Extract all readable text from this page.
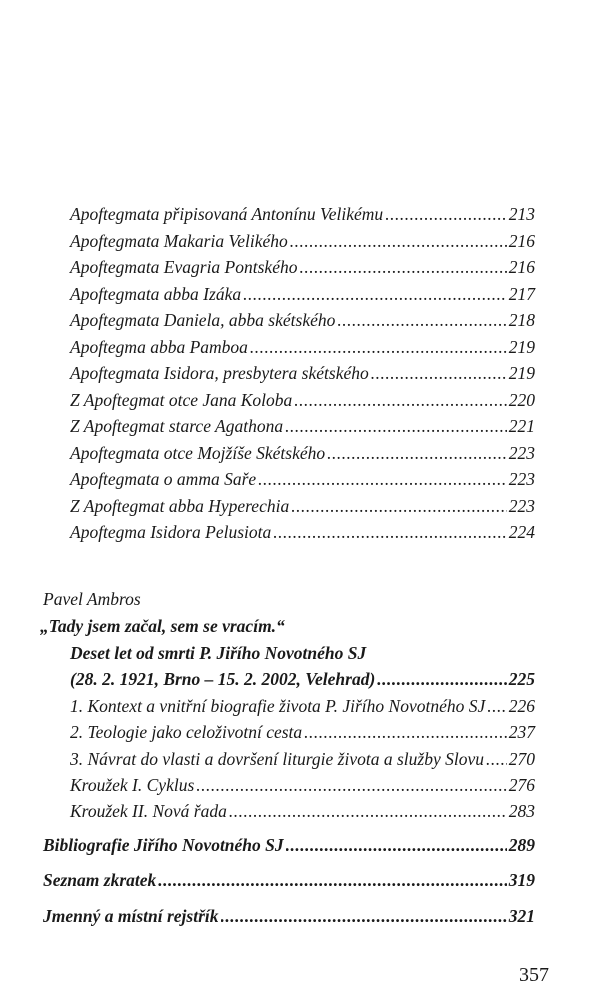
Pavel Ambros
„Tady jsem začal, sem se vracím.“
Deset let od smrti P. Jiřího Novotného SJ
(28. 2. 1921, Brno – 15. 2. 2002, Velehrad) .....	225
357
Apoftegmata připisovaná Antonínu Velikému .....	213
Apoftegmata Makaria Velikého .....	216
Apoftegmata Evagria Pontského .....	216
Apoftegmata abba Izáka .....	217
Apoftegmata Daniela, abba skétského .....	218
Apoftegma abba Pamboa .....	219
Apoftegmata Isidora, presbytera skétského .....	219
Z Apoftegmat otce Jana Koloba .....	220
Z Apoftegmat starce Agathona .....	221
Apoftegmata otce Mojžíše Skétského .....	223
Apoftegmata o amma Saře .....	223
Z Apoftegmat abba Hyperechia .....	223
Apoftegma Isidora Pelusiota .....	224
1. Kontext a vnitřní biografie života P. Jiřího Novotného SJ ..... 226
2. Teologie jako celoživotní cesta .....	237
3. Návrat do vlasti a dovršení liturgie života a služby Slovu ..... 270
Kroužek I. Cyklus .....	276
Kroužek II. Nová řada .....	283
Bibliografie Jiřího Novotného SJ .....	289
Seznam zkratek .....	319
Jmenný a místní rejstřík .....	321
